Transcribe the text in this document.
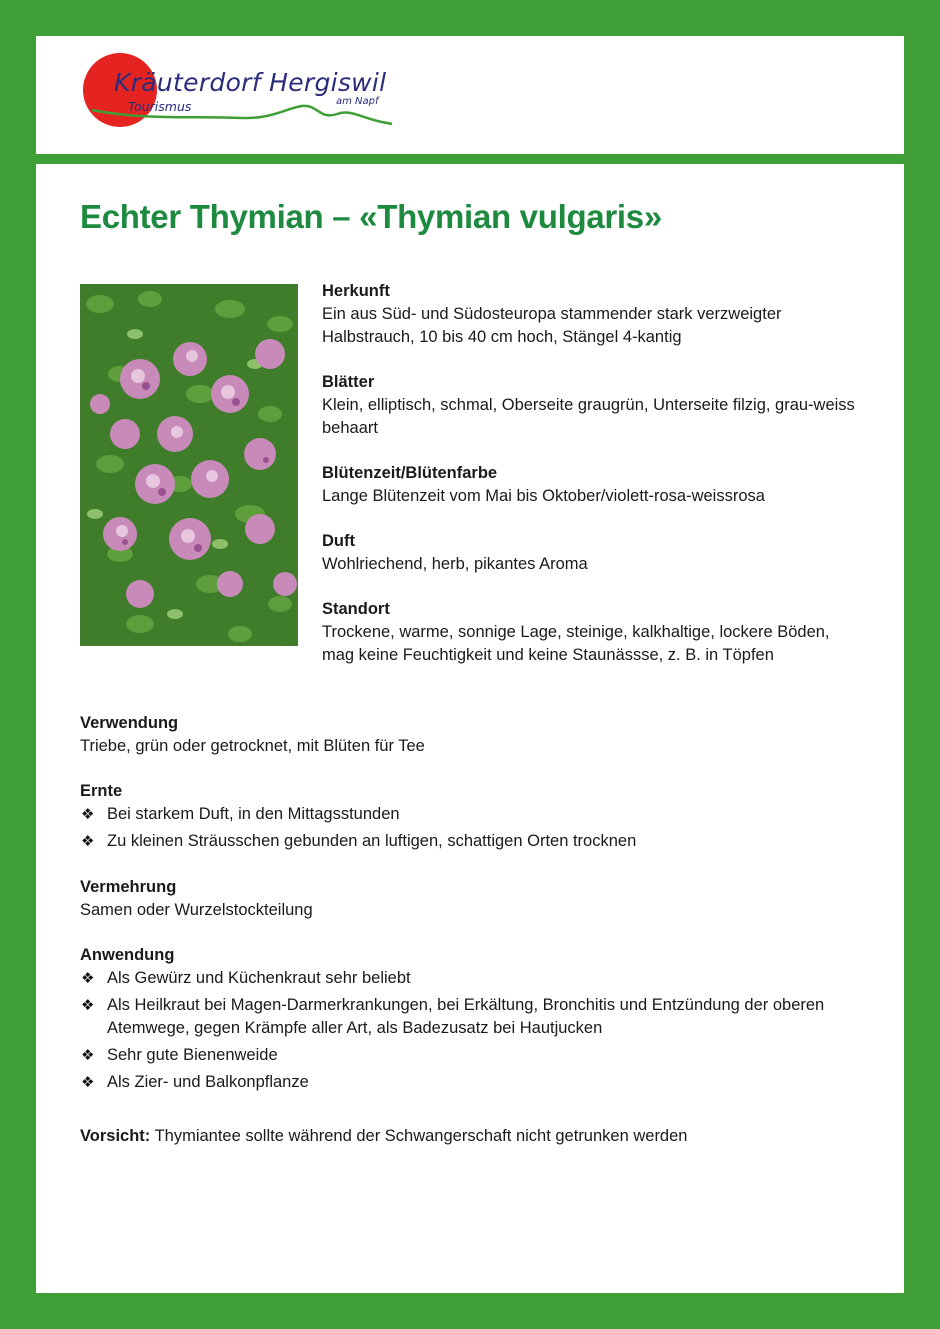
Kräuterdorf Hergiswil
Tourismus	am Napf
Echter Thymian – «Thymian vulgaris»
Herkunft
Ein aus Süd- und Südosteuropa stammender stark verzweigter Halbstrauch, 10 bis 40 cm hoch, Stängel 4-kantig
Blätter
Klein, elliptisch, schmal, Oberseite graugrün, Unterseite filzig, grau-weiss behaart
Blütenzeit/Blütenfarbe
Lange Blütenzeit vom Mai bis Oktober/violett-rosa-weissrosa
Duft
Wohlriechend, herb, pikantes Aroma
Standort
Trockene, warme, sonnige Lage, steinige, kalkhaltige, lockere Böden, mag keine Feuchtigkeit und keine Staunässse, z. B. in Töpfen
Verwendung
Triebe, grün oder getrocknet, mit Blüten für Tee
Ernte
❖ Bei starkem Duft, in den Mittagsstunden
❖ Zu kleinen Sträusschen gebunden an luftigen, schattigen Orten trocknen
Vermehrung
Samen oder Wurzelstockteilung
Anwendung
❖ Als Gewürz und Küchenkraut sehr beliebt
❖ Als Heilkraut bei Magen-Darmerkrankungen, bei Erkältung, Bronchitis und Entzündung der oberen Atemwege, gegen Krämpfe aller Art, als Badezusatz bei Hautjucken
❖ Sehr gute Bienenweide
❖ Als Zier- und Balkonpflanze
Vorsicht: Thymiantee sollte während der Schwangerschaft nicht getrunken werden
